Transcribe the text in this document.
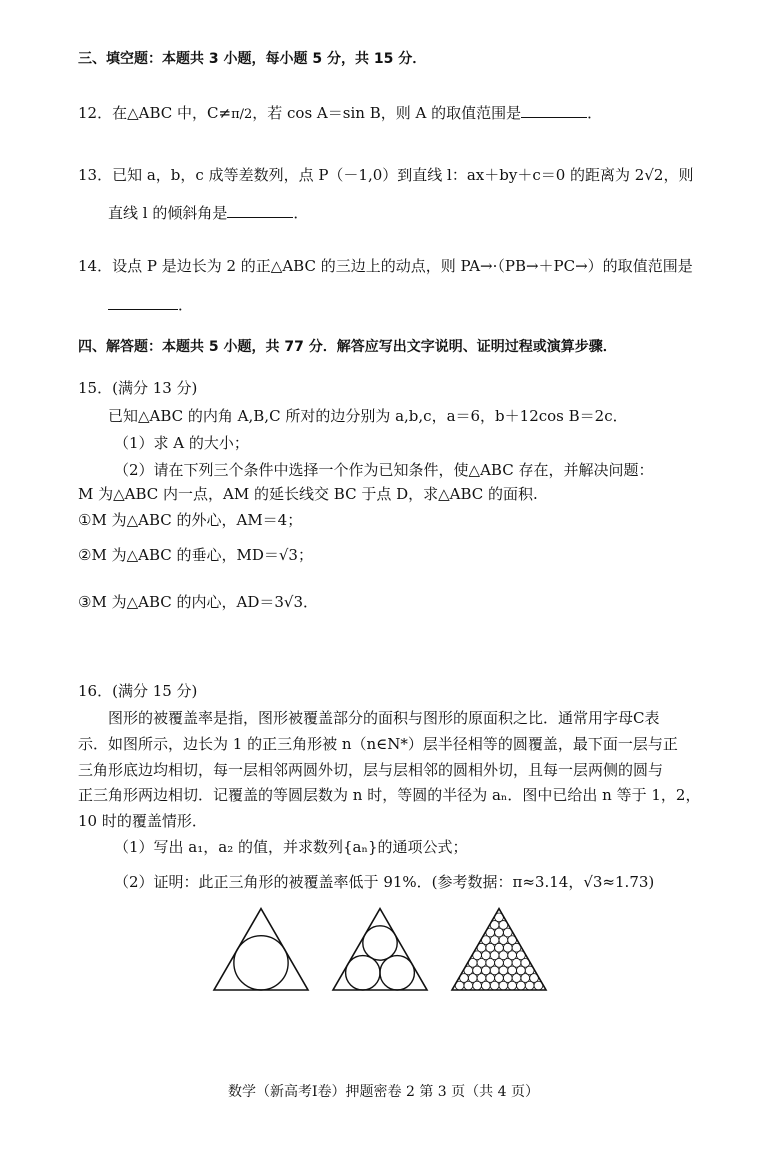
三、填空题：本题共 3 小题，每小题 5 分，共 15 分．
12．在△ABC 中，C≠π/2，若 cos A＝sin B，则 A 的取值范围是	．
13．已知 a，b，c 成等差数列，点 P（－1,0）到直线 l：ax＋by＋c＝0 的距离为 2√2，则
直线 l 的倾斜角是	．
14．设点 P 是边长为 2 的正△ABC 的三边上的动点，则 PA→·（PB→＋PC→）的取值范围是
．
四、解答题：本题共 5 小题，共 77 分．解答应写出文字说明、证明过程或演算步骤．
15．(满分 13 分)
已知△ABC 的内角 A,B,C 所对的边分别为 a,b,c，a＝6，b＋12cos B＝2c．
（1）求 A 的大小；
（2）请在下列三个条件中选择一个作为已知条件，使△ABC 存在，并解决问题：
M 为△ABC 内一点，AM 的延长线交 BC 于点 D，求△ABC 的面积.
①M 为△ABC 的外心，AM＝4；
②M 为△ABC 的垂心，MD＝√3；
③M 为△ABC 的内心，AD＝3√3．
16．(满分 15 分)
图形的被覆盖率是指，图形被覆盖部分的面积与图形的原面积之比．通常用字母C表
示．如图所示，边长为 1 的正三角形被 n（n∈N*）层半径相等的圆覆盖，最下面一层与正
三角形底边均相切，每一层相邻两圆外切，层与层相邻的圆相外切，且每一层两侧的圆与
正三角形两边相切．记覆盖的等圆层数为 n 时，等圆的半径为 aₙ．图中已给出 n 等于 1，2，
10 时的覆盖情形．
（1）写出 a₁，a₂ 的值，并求数列{aₙ}的通项公式；
（2）证明：此正三角形的被覆盖率低于 91%．(参考数据：π≈3.14，√3≈1.73)
数学（新高考Ⅰ卷）押题密卷 2 第 3 页（共 4 页）
